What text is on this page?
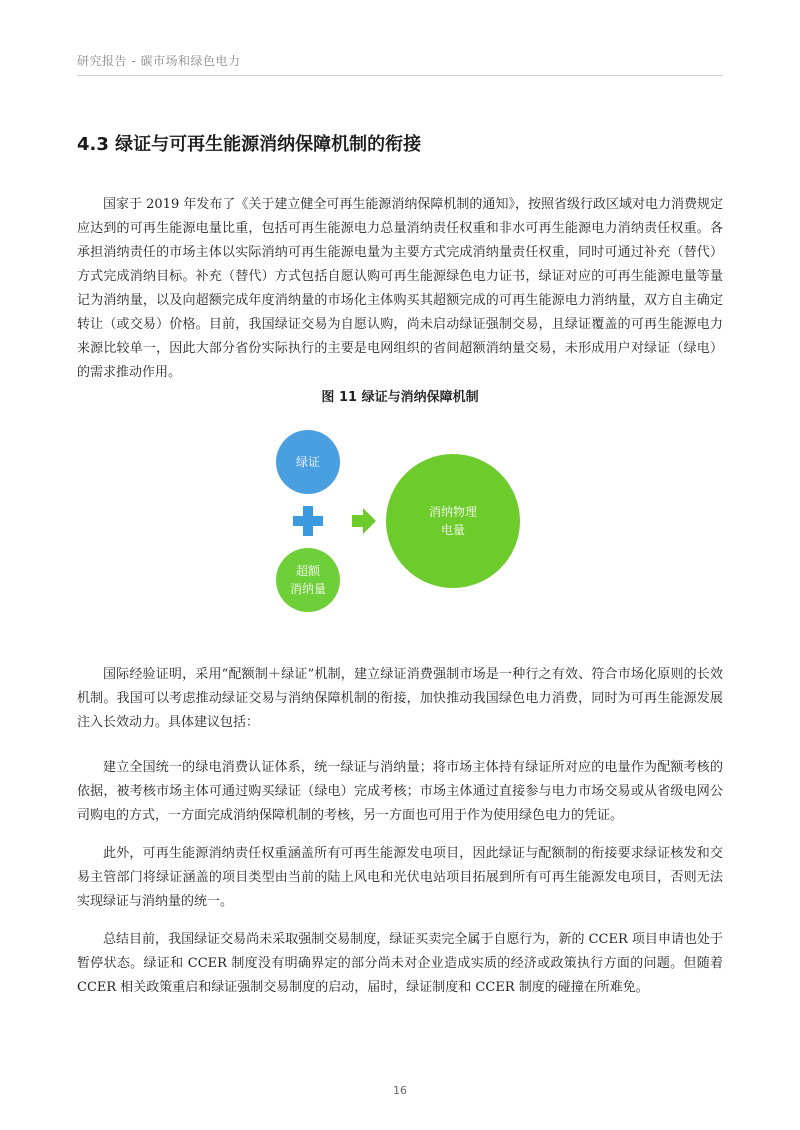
研究报告 - 碳市场和绿色电力
4.3 绿证与可再生能源消纳保障机制的衔接

国家于 2019 年发布了《关于建立健全可再生能源消纳保障机制的通知》，按照省级行政区域对电力消费规定应达到的可再生能源电量比重，包括可再生能源电力总量消纳责任权重和非水可再生能源电力消纳责任权重。各承担消纳责任的市场主体以实际消纳可再生能源电量为主要方式完成消纳量责任权重，同时可通过补充（替代）方式完成消纳目标。补充（替代）方式包括自愿认购可再生能源绿色电力证书，绿证对应的可再生能源电量等量记为消纳量，以及向超额完成年度消纳量的市场化主体购买其超额完成的可再生能源电力消纳量，双方自主确定转让（或交易）价格。目前，我国绿证交易为自愿认购，尚未启动绿证强制交易，且绿证覆盖的可再生能源电力来源比较单一，因此大部分省份实际执行的主要是电网组织的省间超额消纳量交易，未形成用户对绿证（绿电）的需求推动作用。

图 11 绿证与消纳保障机制
绿证
超额
消纳量
消纳物理
电量

国际经验证明，采用“配额制＋绿证”机制，建立绿证消费强制市场是一种行之有效、符合市场化原则的长效机制。我国可以考虑推动绿证交易与消纳保障机制的衔接，加快推动我国绿色电力消费，同时为可再生能源发展注入长效动力。具体建议包括：

建立全国统一的绿电消费认证体系，统一绿证与消纳量；将市场主体持有绿证所对应的电量作为配额考核的依据，被考核市场主体可通过购买绿证（绿电）完成考核；市场主体通过直接参与电力市场交易或从省级电网公司购电的方式，一方面完成消纳保障机制的考核，另一方面也可用于作为使用绿色电力的凭证。

此外，可再生能源消纳责任权重涵盖所有可再生能源发电项目，因此绿证与配额制的衔接要求绿证核发和交易主管部门将绿证涵盖的项目类型由当前的陆上风电和光伏电站项目拓展到所有可再生能源发电项目，否则无法实现绿证与消纳量的统一。

总结目前，我国绿证交易尚未采取强制交易制度，绿证买卖完全属于自愿行为，新的 CCER 项目申请也处于暂停状态。绿证和 CCER 制度没有明确界定的部分尚未对企业造成实质的经济或政策执行方面的问题。但随着 CCER 相关政策重启和绿证强制交易制度的启动，届时，绿证制度和 CCER 制度的碰撞在所难免。

16
